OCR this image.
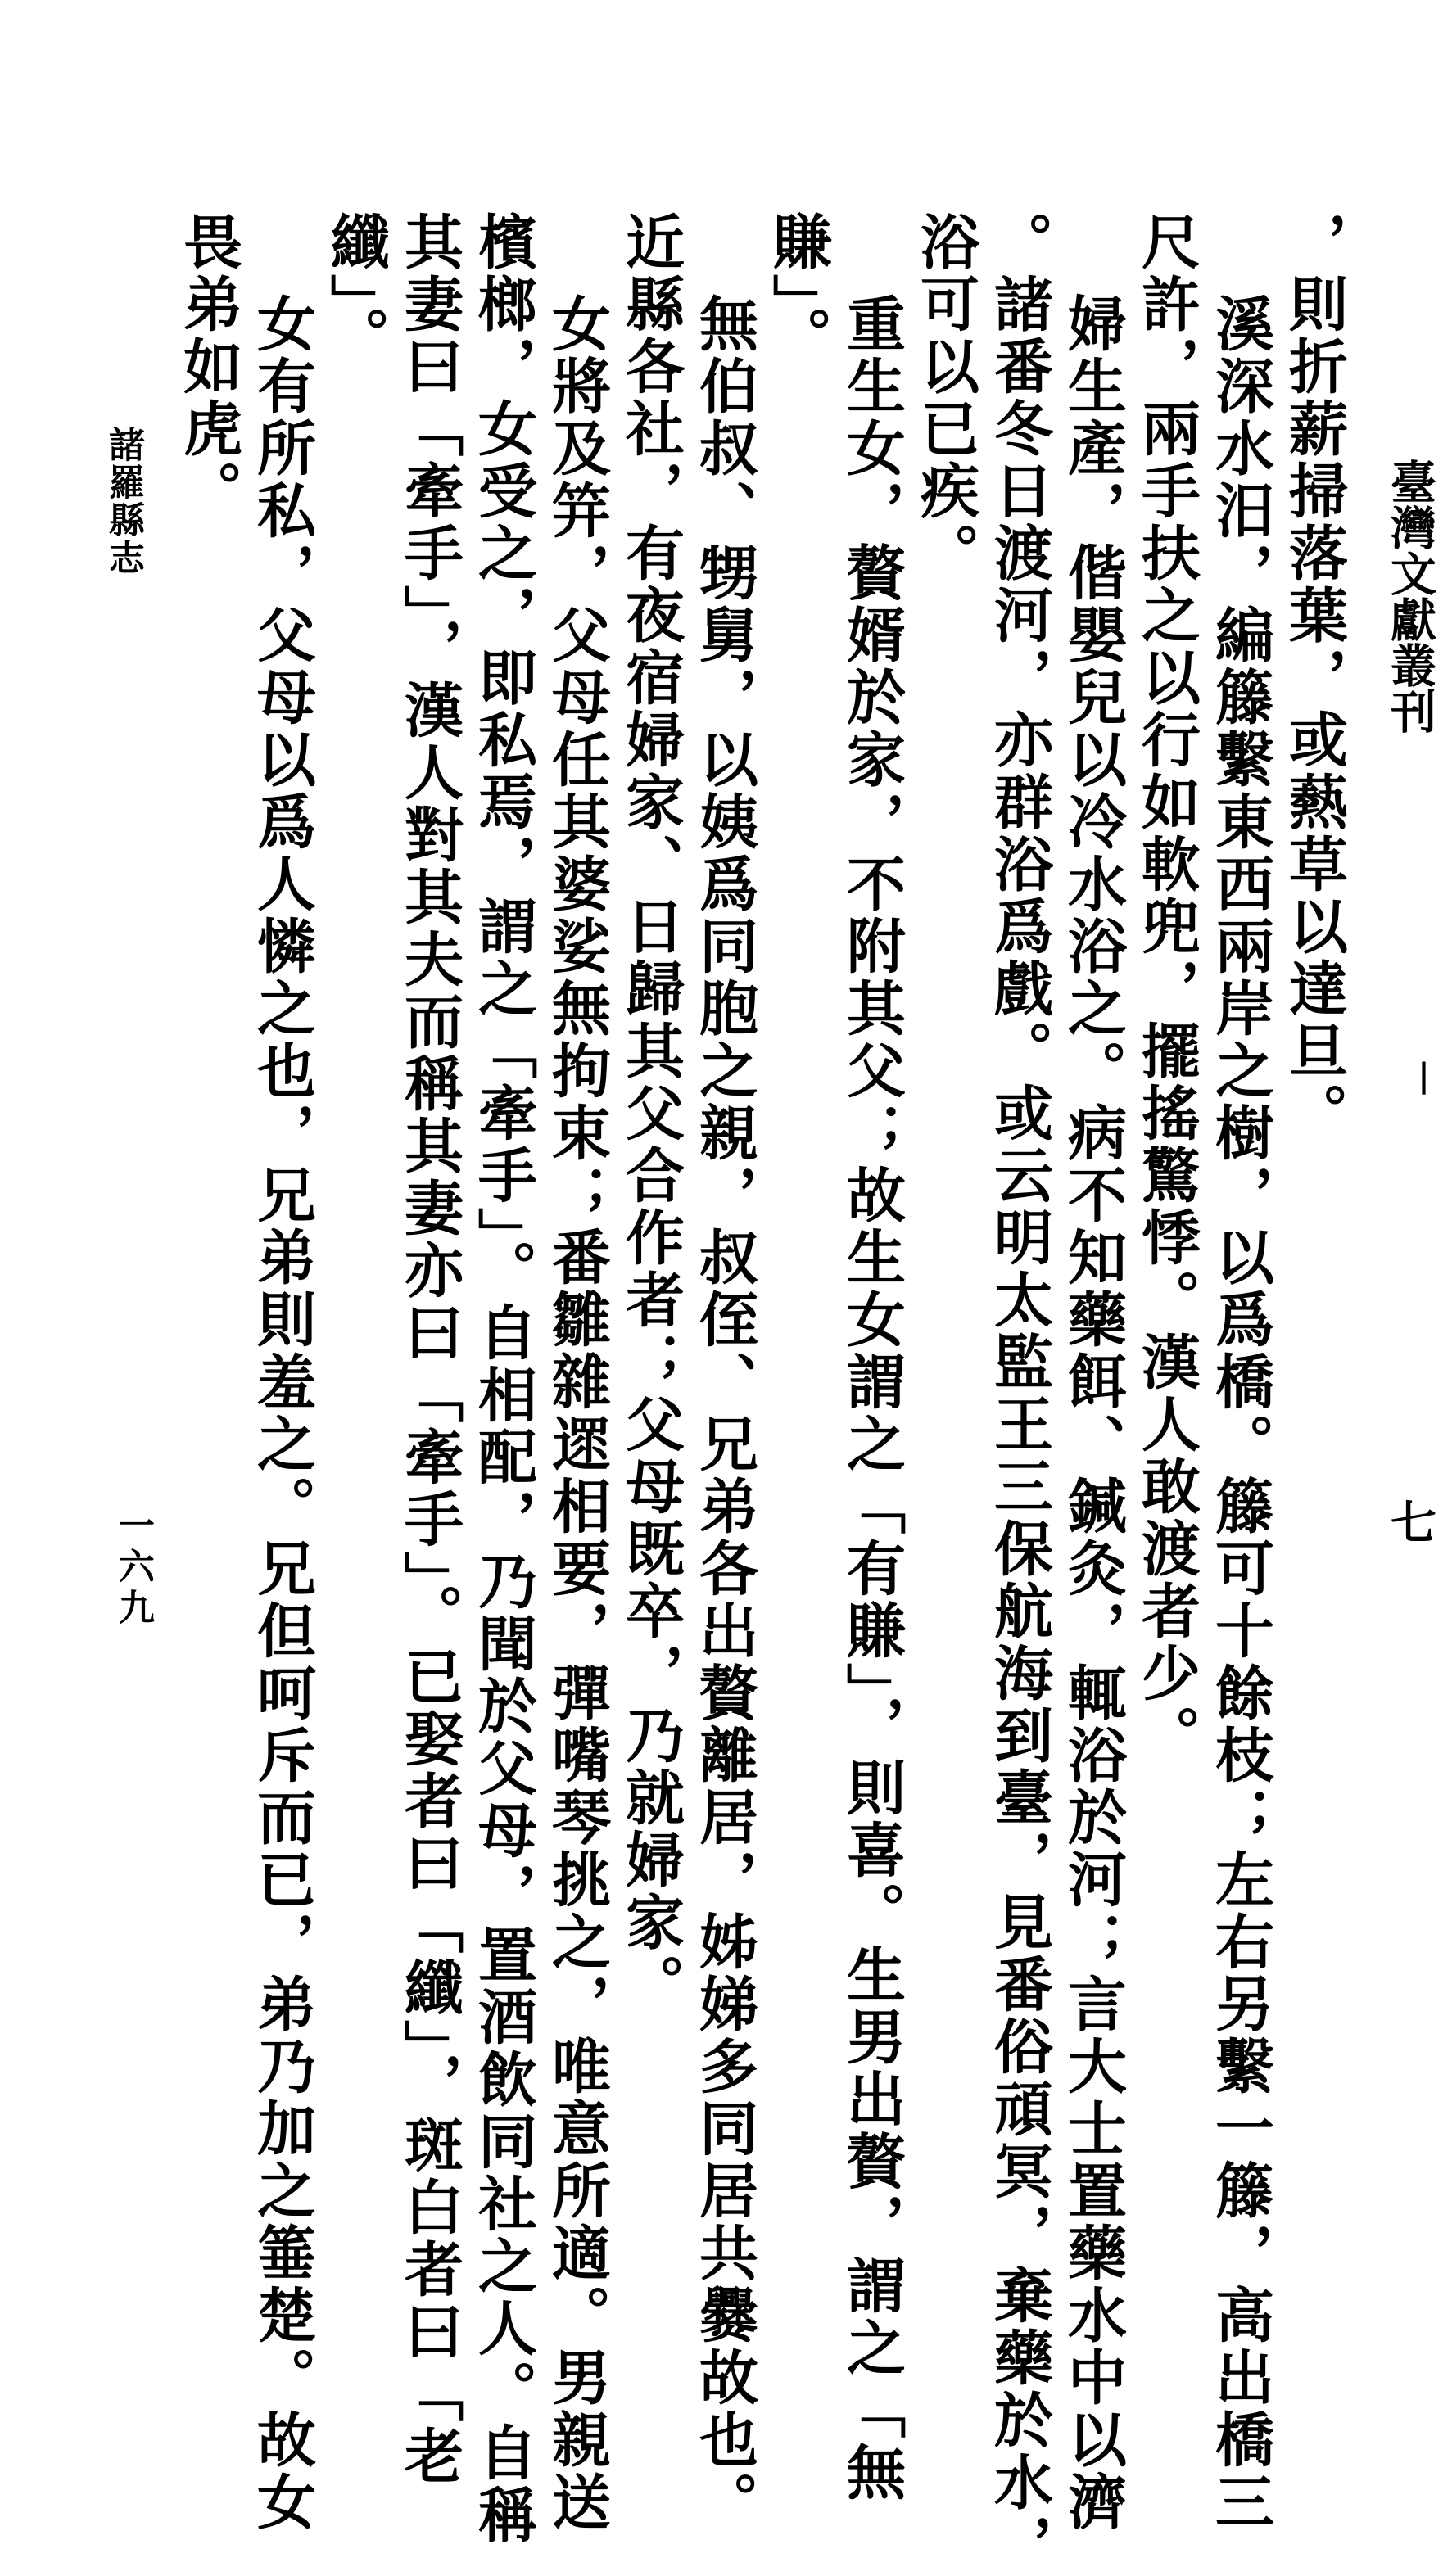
臺灣文獻叢刊
|
七
，則折薪掃落葉，或爇草以達旦。
溪深水汨，編籐繫東西兩岸之樹，以爲橋。籐可十餘枝；左右另繫一籐，高出橋三
尺許，兩手扶之以行如軟兜，擺搖驚悸。漢人敢渡者少。
婦生產，偕嬰兒以冷水浴之。病不知藥餌、鍼灸，輒浴於河；言大士置藥水中以濟
。諸番冬日渡河，亦群浴爲戲。或云明太監王三保航海到臺，見番俗頑冥，棄藥於水，
浴可以已疾。
重生女，贅婿於家，不附其父；故生女謂之「有賺」，則喜。生男出贅，謂之「無
賺」。
無伯叔、甥舅，以姨爲同胞之親，叔侄、兄弟各出贅離居，姊娣多同居共爨故也。
近縣各社，有夜宿婦家、日歸其父合作者；父母既卒，乃就婦家。
女將及笄，父母任其婆娑無拘束；番雛雜遝相要，彈嘴琴挑之，唯意所適。男親送
檳榔，女受之，即私焉，謂之「牽手」。自相配，乃聞於父母，置酒飲同社之人。自稱
其妻曰「牽手」，漢人對其夫而稱其妻亦曰「牽手」。已娶者曰「纖」，斑白者曰「老
纖」。
女有所私，父母以爲人憐之也，兄弟則羞之。兄但呵斥而已，弟乃加之箠楚。故女
畏弟如虎。
諸羅縣志
一六九
